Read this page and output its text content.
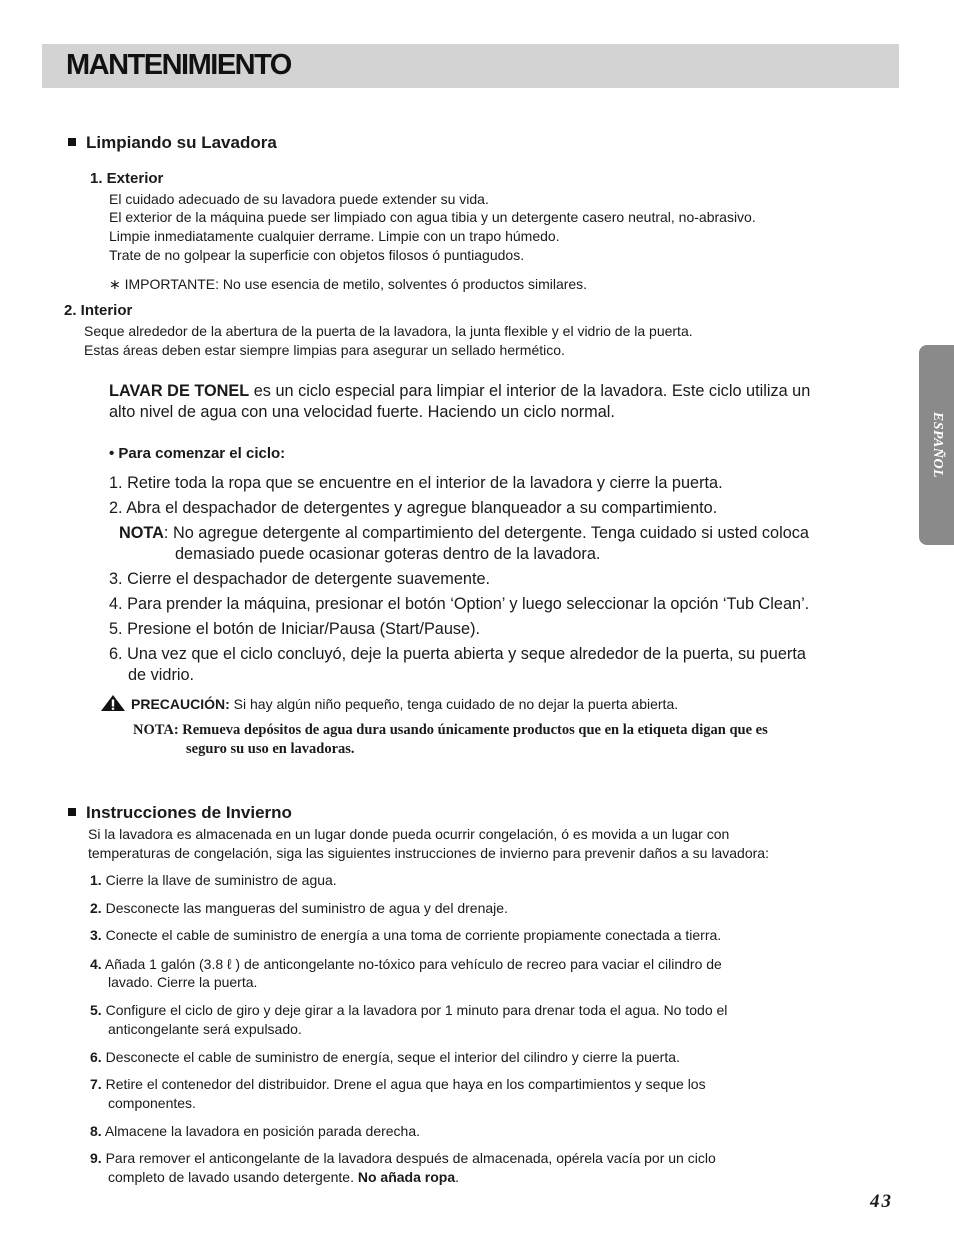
MANTENIMIENTO
ESPAÑOL
Limpiando su Lavadora
1. Exterior
El cuidado adecuado de su lavadora puede extender su vida.
El exterior de la máquina puede ser limpiado con agua tibia y un detergente casero neutral, no-abrasivo.
Limpie inmediatamente cualquier derrame. Limpie con un trapo húmedo.
Trate de no golpear la superficie con objetos filosos ó puntiagudos.
∗ IMPORTANTE: No use esencia de metilo, solventes ó productos similares.
2. Interior
Seque alrededor de la abertura de la puerta de la lavadora, la junta flexible y el vidrio de la puerta.
Estas áreas deben estar siempre limpias para asegurar un sellado hermético.
LAVAR DE TONEL es un ciclo especial para limpiar el interior de la lavadora. Este ciclo utiliza un
alto nivel de agua con una velocidad fuerte. Haciendo un ciclo normal.
• Para comenzar el ciclo:
1. Retire toda la ropa que se encuentre en el interior de la lavadora y cierre la puerta.
2. Abra el despachador de detergentes y agregue blanqueador a su compartimiento.
NOTA: No agregue detergente al compartimiento del detergente. Tenga cuidado si usted coloca
demasiado puede ocasionar goteras dentro de la lavadora.
3. Cierre el despachador de detergente suavemente.
4. Para prender la máquina, presionar el botón ‘Option’ y luego seleccionar la opción ‘Tub Clean’.
5. Presione el botón de Iniciar/Pausa (Start/Pause).
6. Una vez que el ciclo concluyó, deje la puerta abierta y seque alrededor de la puerta, su puerta
de vidrio.
PRECAUCIÓN: Si hay algún niño pequeño, tenga cuidado de no dejar la puerta abierta.
NOTA: Remueva depósitos de agua dura usando únicamente productos que en la etiqueta digan que es
seguro su uso en lavadoras.
Instrucciones de Invierno
Si la lavadora es almacenada en un lugar donde pueda ocurrir congelación, ó es movida a un lugar con
temperaturas de congelación, siga las siguientes instrucciones de invierno para prevenir daños a su lavadora:
1. Cierre la llave de suministro de agua.
2. Desconecte las mangueras del suministro de agua y del drenaje.
3. Conecte el cable de suministro de energía a una toma de corriente propiamente conectada a tierra.
4. Añada 1 galón (3.8 ℓ ) de anticongelante no-tóxico para vehículo de recreo para vaciar el cilindro de
lavado. Cierre la puerta.
5. Configure el ciclo de giro y deje girar a la lavadora por 1 minuto para drenar toda el agua. No todo el
anticongelante será expulsado.
6. Desconecte el cable de suministro de energía, seque el interior del cilindro y cierre la puerta.
7. Retire el contenedor del distribuidor. Drene el agua que haya en los compartimientos y seque los
componentes.
8. Almacene la lavadora en posición parada derecha.
9. Para remover el anticongelante de la lavadora después de almacenada, opérela vacía por un ciclo
completo de lavado usando detergente. No añada ropa.
43
